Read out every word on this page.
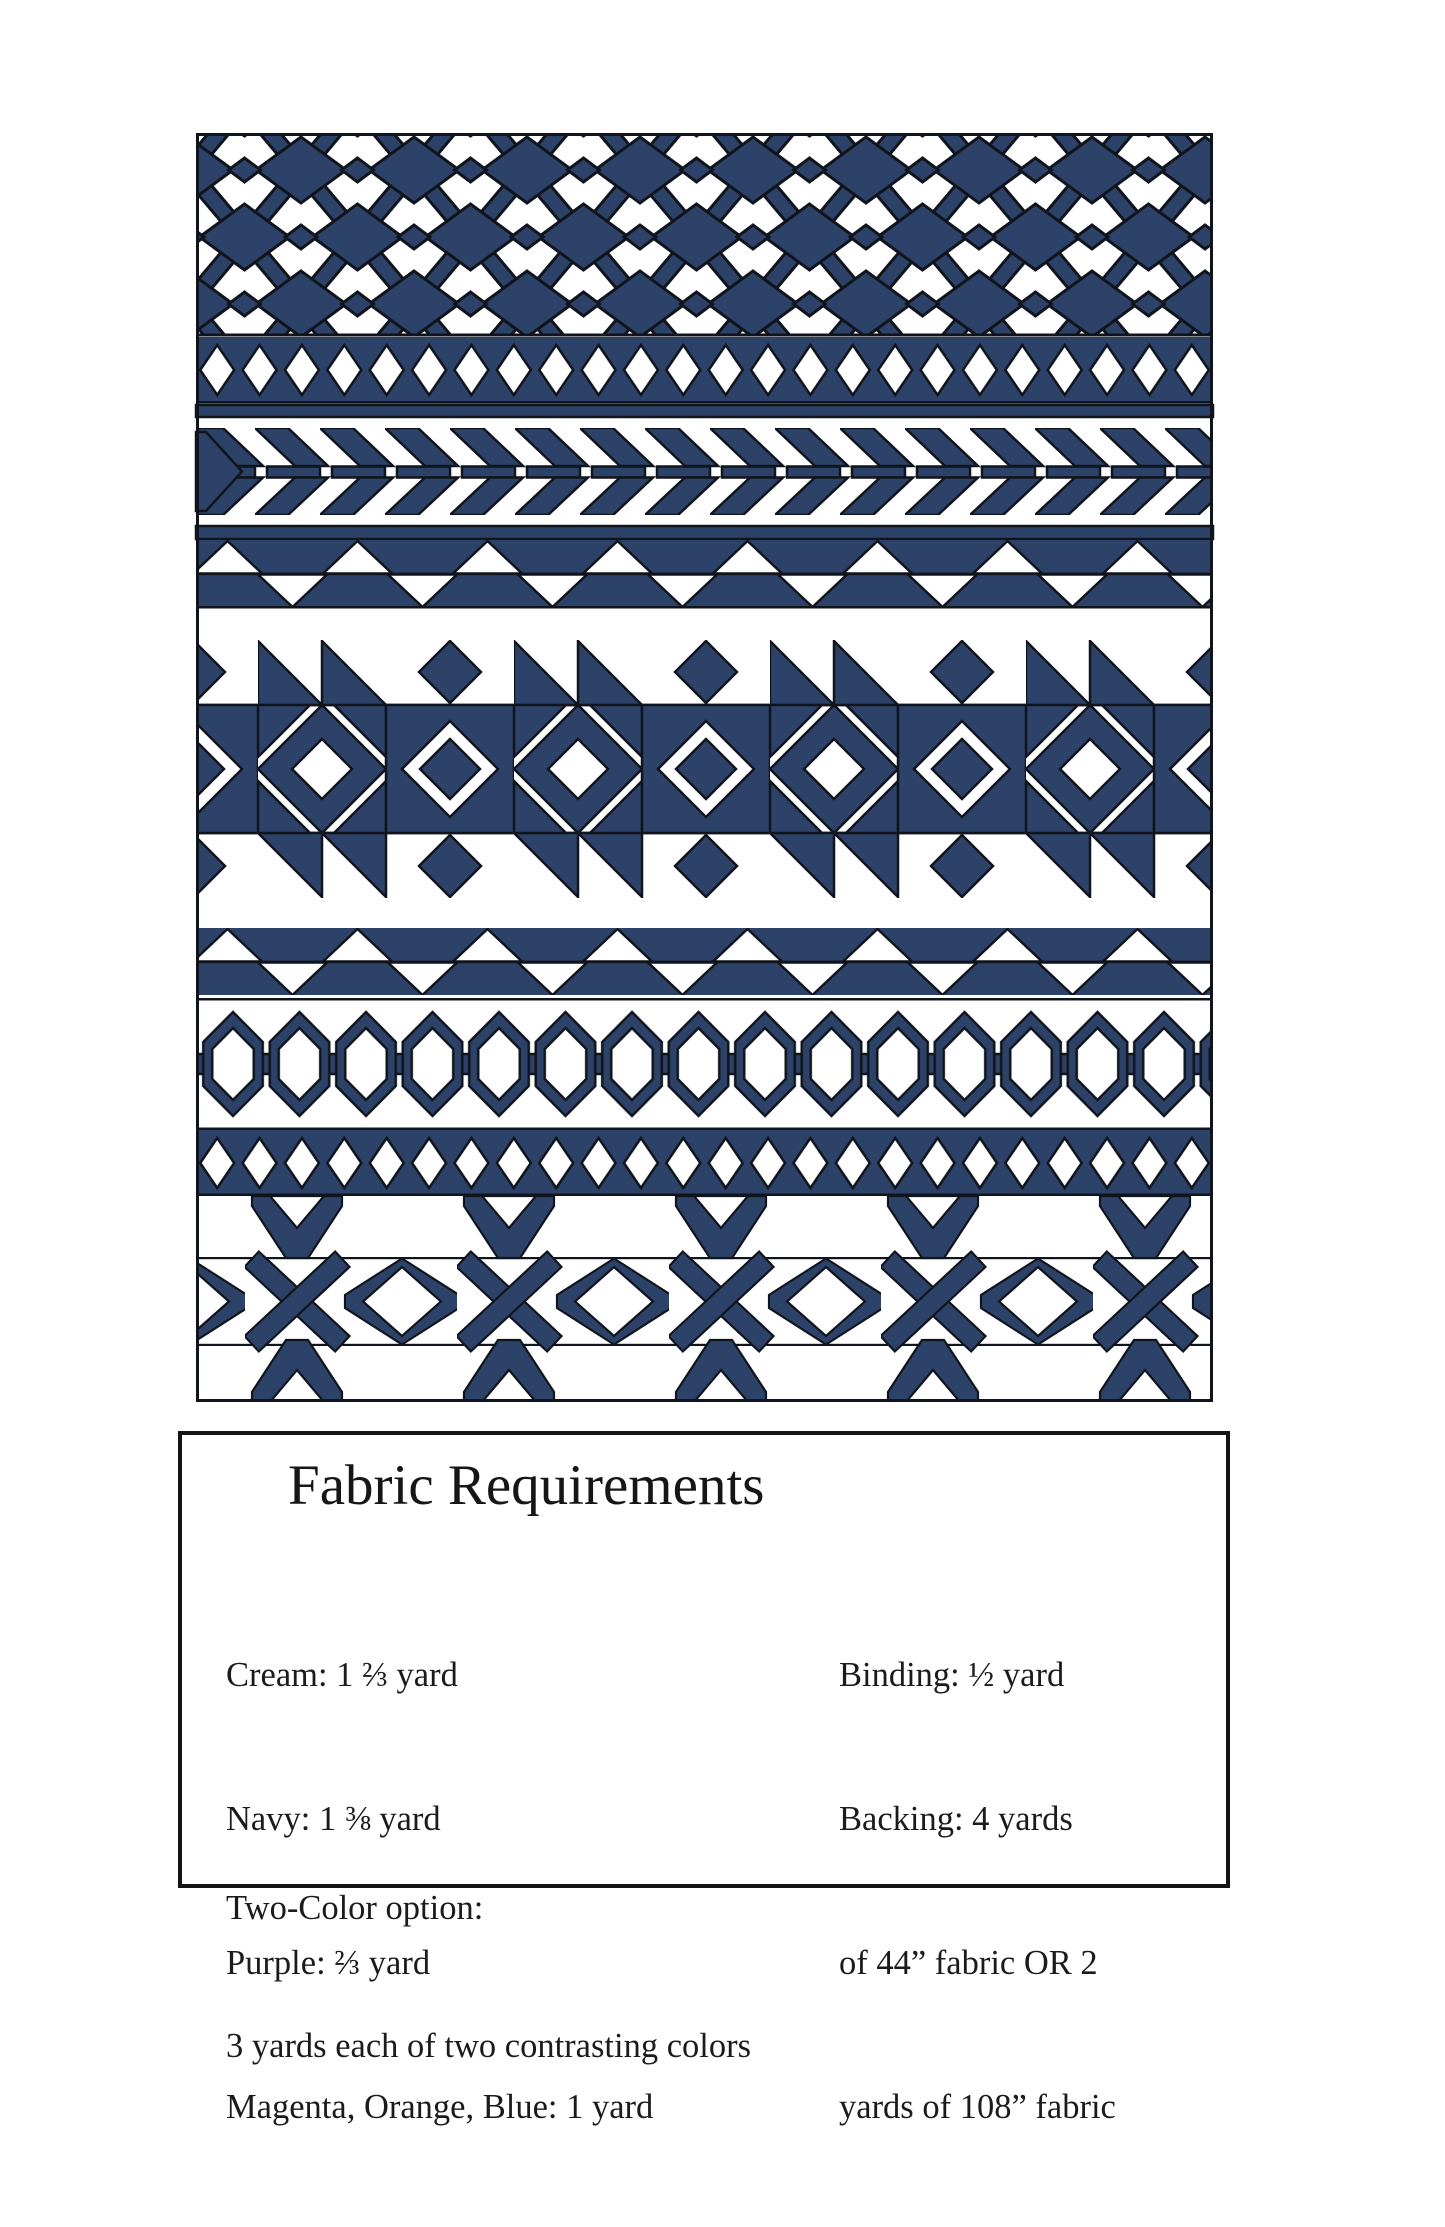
Fabric Requirements

Cream: 1 ⅔ yard

Navy: 1 ⅜ yard

Purple: ⅔ yard

Magenta, Orange, Blue: 1 yard

Binding: ½ yard

Backing: 4 yards

of 44” fabric OR 2

yards of 108” fabric

Two-Color option:

3 yards each of two contrasting colors
